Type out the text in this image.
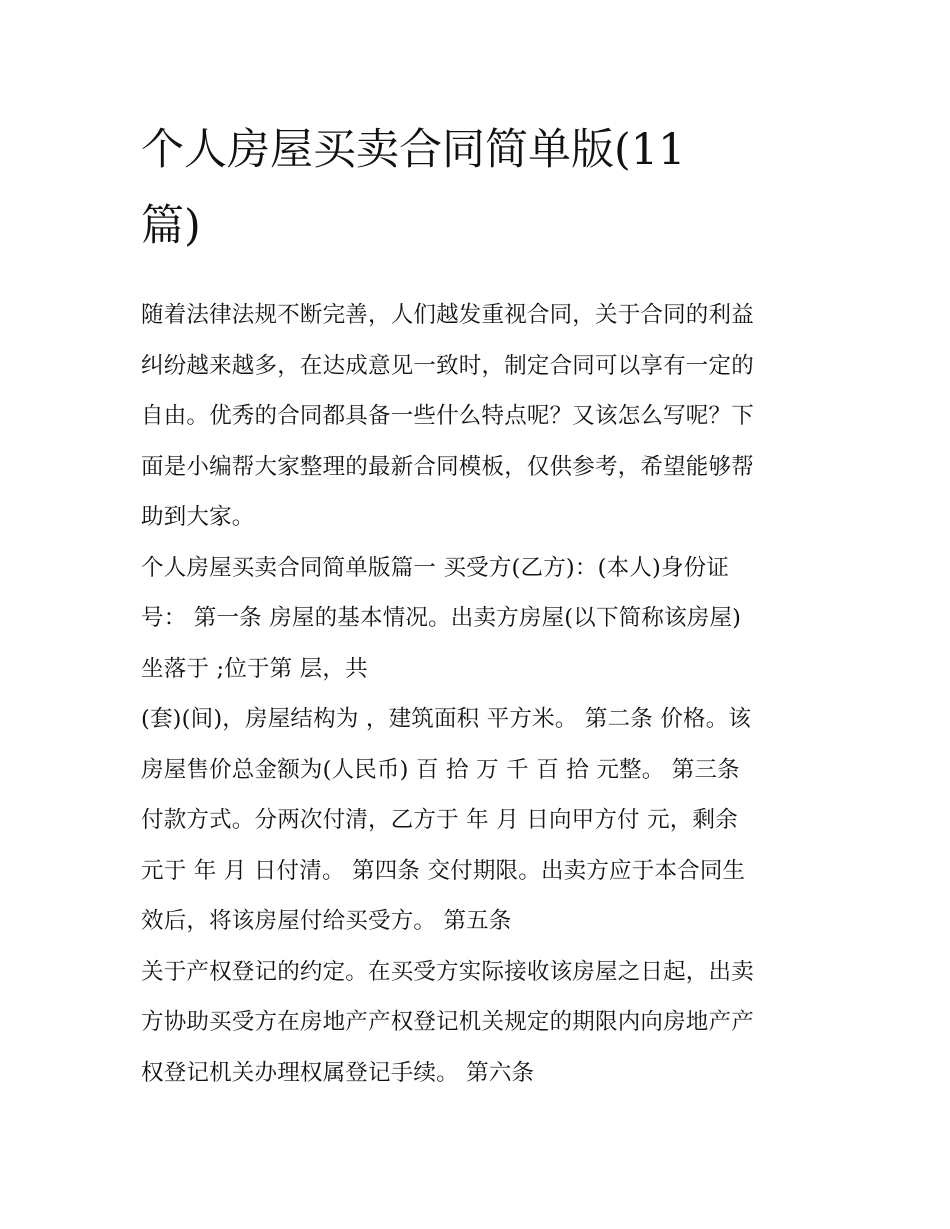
个人房屋买卖合同简单版(11
篇)
随着法律法规不断完善，人们越发重视合同，关于合同的利益
纠纷越来越多，在达成意见一致时，制定合同可以享有一定的
自由。优秀的合同都具备一些什么特点呢？又该怎么写呢？下
面是小编帮大家整理的最新合同模板，仅供参考，希望能够帮
助到大家。
个人房屋买卖合同简单版篇一 买受方(乙方)：(本人)身份证
号： 第一条 房屋的基本情况。出卖方房屋(以下简称该房屋)
坐落于 ;位于第 层，共
(套)(间)，房屋结构为 ，建筑面积 平方米。 第二条 价格。该
房屋售价总金额为(人民币) 百 拾 万 千 百 拾 元整。 第三条
付款方式。分两次付清，乙方于 年 月 日向甲方付 元，剩余
元于 年 月 日付清。 第四条 交付期限。出卖方应于本合同生
效后，将该房屋付给买受方。 第五条
关于产权登记的约定。在买受方实际接收该房屋之日起，出卖
方协助买受方在房地产产权登记机关规定的期限内向房地产产
权登记机关办理权属登记手续。 第六条
